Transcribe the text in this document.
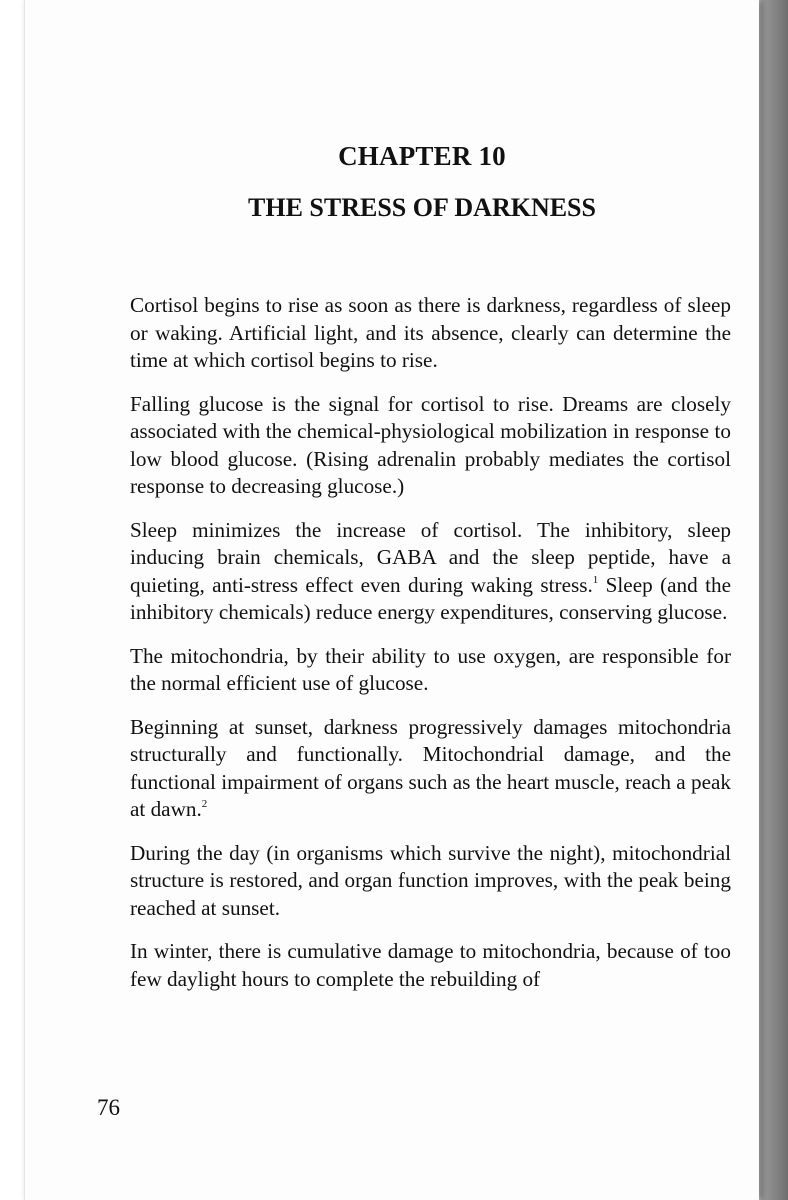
CHAPTER 10
THE STRESS OF DARKNESS

Cortisol begins to rise as soon as there is darkness, regardless of sleep or waking. Artificial light, and its absence, clearly can determine the time at which cortisol begins to rise.

Falling glucose is the signal for cortisol to rise. Dreams are closely associated with the chemical-physiological mobilization in response to low blood glucose. (Rising adrenalin probably mediates the cortisol response to decreasing glucose.)

Sleep minimizes the increase of cortisol. The inhibitory, sleep inducing brain chemicals, GABA and the sleep peptide, have a quieting, anti-stress effect even during waking stress.$^1$ Sleep (and the inhibitory chemicals) reduce energy expenditures, conserving glucose.

The mitochondria, by their ability to use oxygen, are responsible for the normal efficient use of glucose.

Beginning at sunset, darkness progressively damages mitochondria structurally and functionally. Mitochondrial damage, and the functional impairment of organs such as the heart muscle, reach a peak at dawn.$^2$

During the day (in organisms which survive the night), mitochondrial structure is restored, and organ function improves, with the peak being reached at sunset.

In winter, there is cumulative damage to mitochondria, because of too few daylight hours to complete the rebuilding of

76
